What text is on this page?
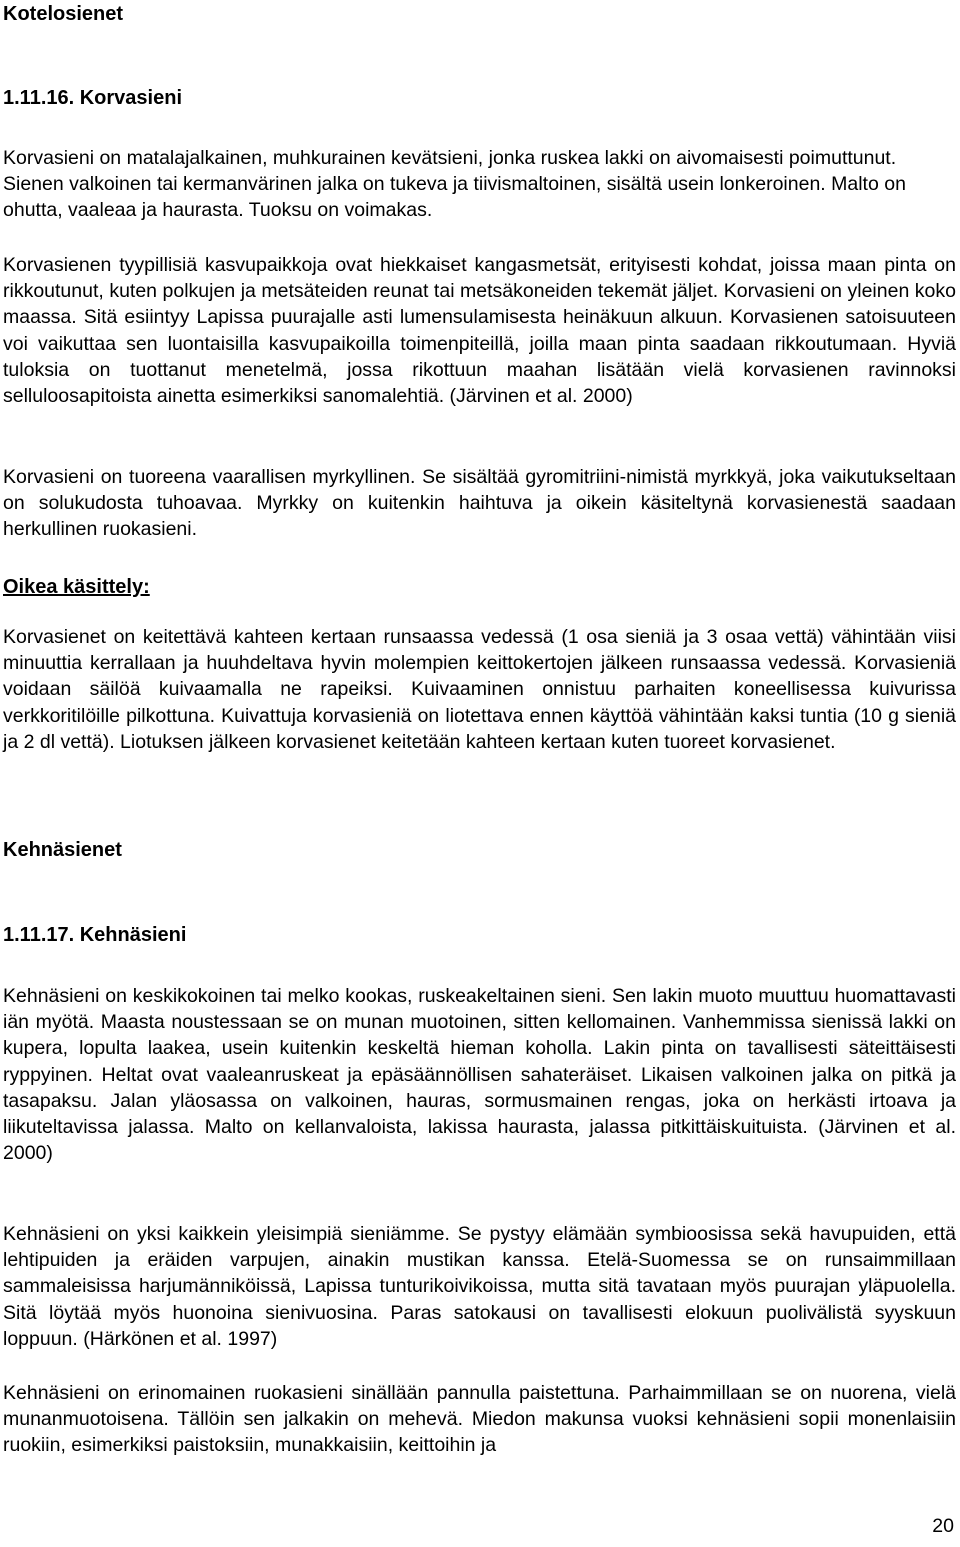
Kotelosienet
1.11.16. Korvasieni

Korvasieni on matalajalkainen, muhkurainen kevätsieni, jonka ruskea lakki on aivomaisesti poimuttunut. Sienen valkoinen tai kermanvärinen jalka on tukeva ja tiivismaltoinen, sisältä usein lonkeroinen. Malto on ohutta, vaaleaa ja haurasta. Tuoksu on voimakas.

Korvasienen tyypillisiä kasvupaikkoja ovat hiekkaiset kangasmetsät, erityisesti kohdat, joissa maan pinta on rikkoutunut, kuten polkujen ja metsäteiden reunat tai metsäkoneiden tekemät jäljet. Korvasieni on yleinen koko maassa. Sitä esiintyy Lapissa puurajalle asti lumensulamisesta heinäkuun alkuun. Korvasienen satoisuuteen voi vaikuttaa sen luontaisilla kasvupaikoilla toimenpiteillä, joilla maan pinta saadaan rikkoutumaan. Hyviä tuloksia on tuottanut menetelmä, jossa rikottuun maahan lisätään vielä korvasienen ravinnoksi selluloosapitoista ainetta esimerkiksi sanomalehtiä. (Järvinen et al. 2000)

Korvasieni on tuoreena vaarallisen myrkyllinen. Se sisältää gyromitriini-nimistä myrkkyä, joka vaikutukseltaan on solukudosta tuhoavaa. Myrkky on kuitenkin haihtuva ja oikein käsiteltynä korvasienestä saadaan herkullinen ruokasieni.

Oikea käsittely:

Korvasienet on keitettävä kahteen kertaan runsaassa vedessä (1 osa sieniä ja 3 osaa vettä) vähintään viisi minuuttia kerrallaan ja huuhdeltava hyvin molempien keittokertojen jälkeen runsaassa vedessä. Korvasieniä voidaan säilöä kuivaamalla ne rapeiksi. Kuivaaminen onnistuu parhaiten koneellisessa kuivurissa verkkoritilöille pilkottuna. Kuivattuja korvasieniä on liotettava ennen käyttöä vähintään kaksi tuntia (10 g sieniä ja 2 dl vettä). Liotuksen jälkeen korvasienet keitetään kahteen kertaan kuten tuoreet korvasienet.

Kehnäsienet
1.11.17. Kehnäsieni

Kehnäsieni on keskikokoinen tai melko kookas, ruskeakeltainen sieni. Sen lakin muoto muuttuu huomattavasti iän myötä. Maasta noustessaan se on munan muotoinen, sitten kellomainen. Vanhemmissa sienissä lakki on kupera, lopulta laakea, usein kuitenkin keskeltä hieman koholla. Lakin pinta on tavallisesti säteittäisesti ryppyinen. Heltat ovat vaaleanruskeat ja epäsäännöllisen sahateräiset. Likaisen valkoinen jalka on pitkä ja tasapaksu. Jalan yläosassa on valkoinen, hauras, sormusmainen rengas, joka on herkästi irtoava ja liikuteltavissa jalassa. Malto on kellanvaloista, lakissa haurasta, jalassa pitkittäiskuituista. (Järvinen et al. 2000)

Kehnäsieni on yksi kaikkein yleisimpiä sieniämme. Se pystyy elämään symbioosissa sekä havupuiden, että lehtipuiden ja eräiden varpujen, ainakin mustikan kanssa. Etelä-Suomessa se on runsaimmillaan sammaleisissa harjumänniköissä, Lapissa tunturikoivikoissa, mutta sitä tavataan myös puurajan yläpuolella. Sitä löytää myös huonoina sienivuosina. Paras satokausi on tavallisesti elokuun puolivälistä syyskuun loppuun. (Härkönen et al. 1997)

Kehnäsieni on erinomainen ruokasieni sinällään pannulla paistettuna. Parhaimmillaan se on nuorena, vielä munanmuotoisena. Tällöin sen jalkakin on mehevä. Miedon makunsa vuoksi kehnäsieni sopii monenlaisiin ruokiin, esimerkiksi paistoksiin, munakkaisiin, keittoihin ja

20
